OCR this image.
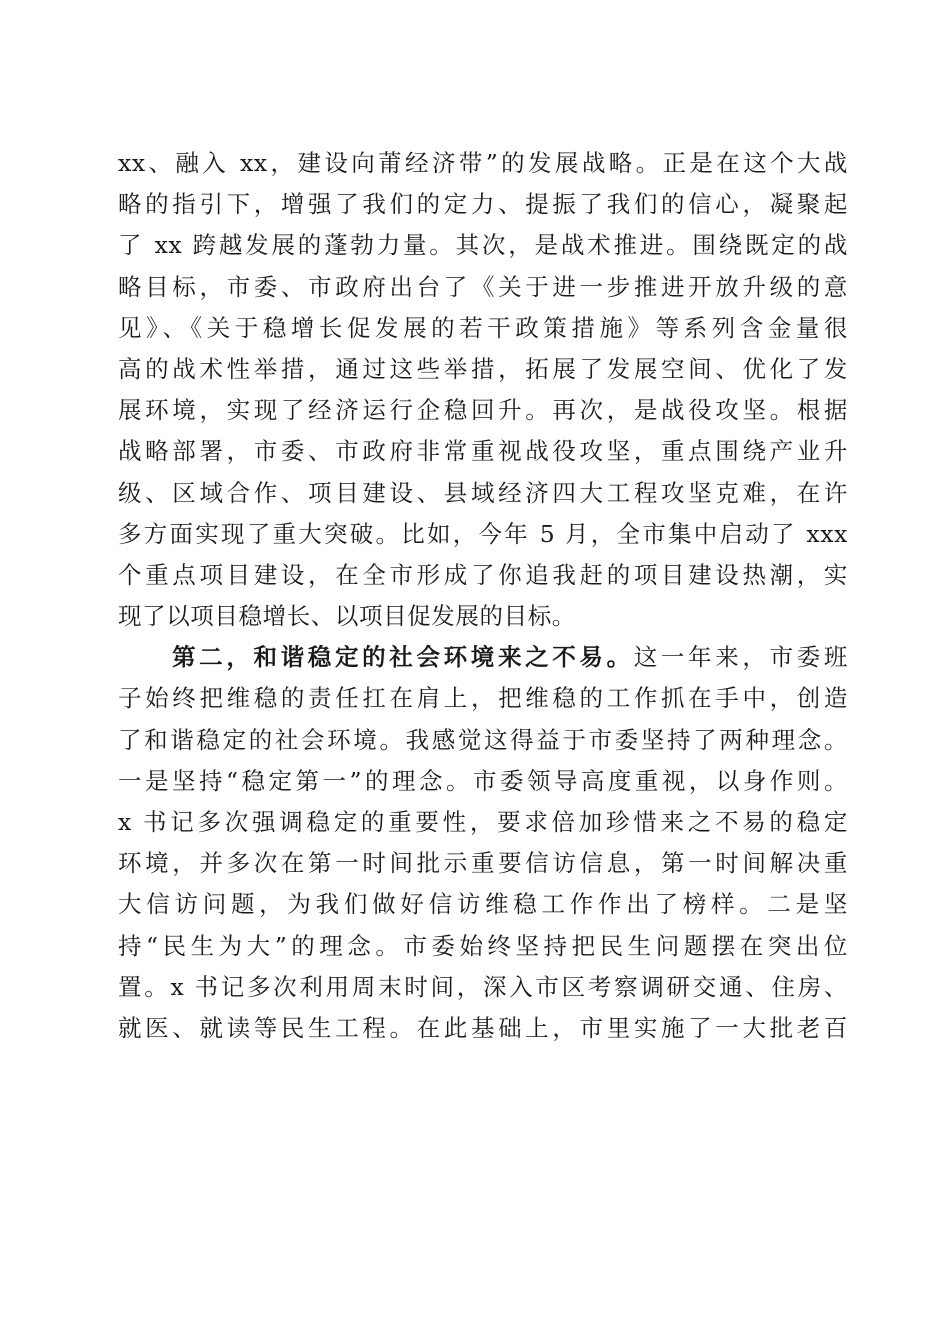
xx、融入 xx，建设向莆经济带”的发展战略。正是在这个大战
略的指引下，增强了我们的定力、提振了我们的信心，凝聚起
了 xx 跨越发展的蓬勃力量。其次，是战术推进。围绕既定的战
略目标，市委、市政府出台了《关于进一步推进开放升级的意
见》、《关于稳增长促发展的若干政策措施》等系列含金量很
高的战术性举措，通过这些举措，拓展了发展空间、优化了发
展环境，实现了经济运行企稳回升。再次，是战役攻坚。根据
战略部署，市委、市政府非常重视战役攻坚，重点围绕产业升
级、区域合作、项目建设、县域经济四大工程攻坚克难，在许
多方面实现了重大突破。比如，今年 5 月，全市集中启动了 xxx
个重点项目建设，在全市形成了你追我赶的项目建设热潮，实
现了以项目稳增长、以项目促发展的目标。
第二，和谐稳定的社会环境来之不易。这一年来，市委班
子始终把维稳的责任扛在肩上，把维稳的工作抓在手中，创造
了和谐稳定的社会环境。我感觉这得益于市委坚持了两种理念。
一是坚持“稳定第一”的理念。市委领导高度重视，以身作则。
x 书记多次强调稳定的重要性，要求倍加珍惜来之不易的稳定
环境，并多次在第一时间批示重要信访信息，第一时间解决重
大信访问题，为我们做好信访维稳工作作出了榜样。二是坚
持“民生为大”的理念。市委始终坚持把民生问题摆在突出位
置。x 书记多次利用周末时间，深入市区考察调研交通、住房、
就医、就读等民生工程。在此基础上，市里实施了一大批老百
